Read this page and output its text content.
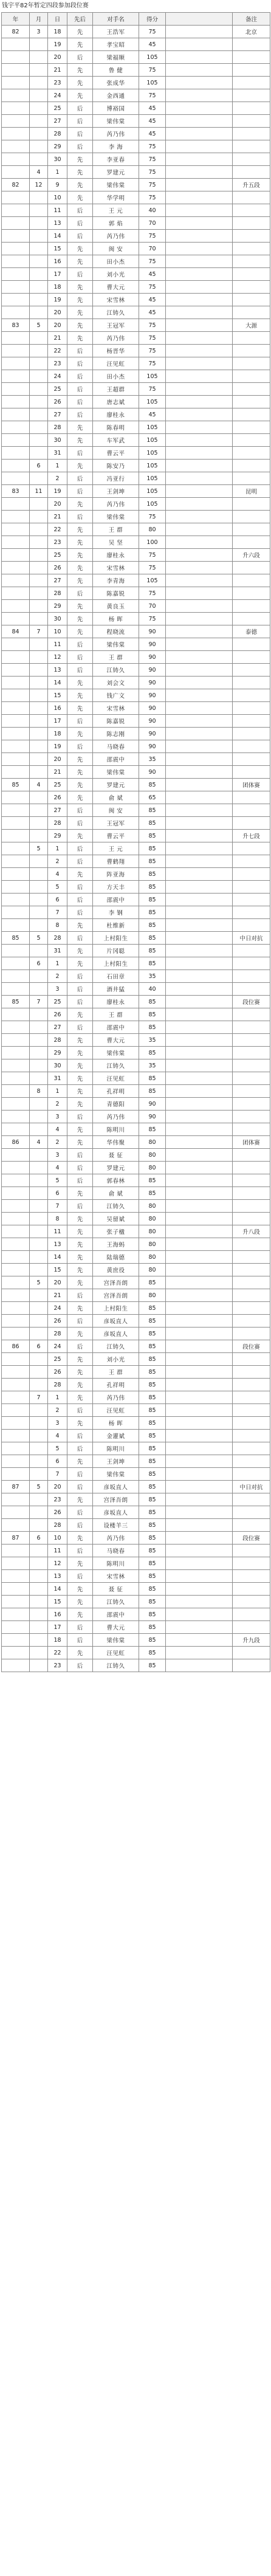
钱宇平82年暂定四段参加段位赛
年	月	日	先后	对手名	得分		备注
82	3	18	先	王浩军	75		北京
		19	先	孝宝昭	45		
		20	后	梁福顺	105		
		21	先	鲁 健	75		
		23	先	张成华	105		
		24	先	金西通	75		
		25	后	博裕国	45		
		27	后	梁伟棠	45		
		28	后	芮乃伟	45		
		29	后	李 海	75		
		30	先	李亚春	75		
	4	1	先	罗建元	75		
82	12	9	先	梁伟棠	75		升五段
		10	先	华学明	75		
		11	后	王 元	40		
		13	后	郭 焰	70		
		14	后	芮乃伟	75		
		15	先	闽 安	70		
		16	先	田小杰	75		
		17	后	刘小光	45		
		18	先	曹大元	75		
		19	先	宋雪林	45		
		20	先	江铸久	45		
83	5	20	先	王冠军	75		大源
		21	先	芮乃伟	75		
		22	后	杨晋华	75		
		23	后	汪见虹	75		
		24	后	田小杰	105		
		25	后	王超群	75		
		26	后	唐志斌	105		
		27	后	廖桂永	45		
		28	先	陈春明	105		
		30	先	车军武	105		
		31	后	曹云平	105		
	6	1	先	陈安乃	105		
		2	后	冯亚行	105		
83	11	19	后	王剑坤	105		昆明
		20	先	芮乃伟	105		
		21	后	梁伟棠	75		
		22	先	王 群	80		
		23	先	吴 坚	100		
		25	先	廖桂永	75		升六段
		26	先	宋雪林	75		
		27	先	李青海	105		
		28	后	陈嘉锐	75		
		29	先	黄良玉	70		
		30	先	杨 晖	75		
84	7	10	先	程晓流	90		泰德
		11	后	梁伟棠	90		
		12	后	王 群	90		
		13	后	江铸久	90		
		14	先	刘会文	90		
		15	先	钱广文	90		
		16	先	宋雪林	90		
		17	后	陈嘉锐	90		
		18	先	陈志刚	90		
		19	后	马晓春	90		
		20	先	邵震中	35		
		21	先	梁伟棠	90		
85	4	25	先	罗建元	85		团体赛
		26	先	俞 斌	65		
		27	后	闽 安	85		
		28	后	王冠军	85		
		29	先	曹云平	85		升七段
	5	1	后	王 元	85		
		2	后	曹鹤翔	85		
		4	先	阵亚海	85		
		5	后	方天丰	85		
		6	后	邵震中	85		
		7	后	李 钢	85		
		8	先	杜维新	85		
85	5	28	后	上村阳生	85		中日对抗
		31	先	片冈聪	85		
	6	1	先	上村阳生	85		
		2	后	石田章	35		
		3	后	酒井猛	40		
85	7	25	后	廖桂永	85		段位赛
		26	先	王 群	85		
		27	后	邵震中	85		
		28	先	曹大元	35		
		29	先	梁伟棠	85		
		30	先	江铸久	35		
		31	先	汪见虹	85		
	8	1	先	孔祥明	85		
		2	先	青德阳	90		
		3	后	芮乃伟	90		
		4	先	陈明川	85		
86	4	2	先	华伟聚	80		团体赛
		3	后	聂 征	80		
		4	后	罗建元	80		
		5	后	郭春林	85		
		6	先	俞 斌	85		
		7	后	江铸久	80		
		8	先	吴留斌	80		
		11	先	张子楹	80		升八段
		13	先	王海蚂	80		
		14	先	陆瑞德	80		
		15	先	黄庶役	80		
	5	20	先	宫泽吾朗	85		
		21	后	宫泽吾朗	80		
		24	先	上村阳生	85		
		26	后	彦坂直人	85		
		28	先	彦坂直人	85		
86	6	24	后	江铸久	85		段位赛
		25	先	刘小光	85		
		26	先	王 群	85		
		28	先	孔祥明	85		
	7	1	先	芮乃伟	85		
		2	后	汪见虹	85		
		3	先	杨 晖	85		
		4	后	金灌斌	85		
		5	后	陈明川	85		
		6	先	王剑坤	85		
		7	后	梁伟棠	85		
87	5	20	后	彦坂直人	85		中日对抗
		23	先	宫泽吾朗	85		
		26	后	彦坂直人	85		
		28	后	设楼羊三	85		
87	6	10	先	芮乃伟	85		段位赛
		11	后	马晓春	85		
		12	先	陈明川	85		
		13	后	宋雪林	85		
		14	先	聂 征	85		
		15	先	江铸久	85		
		16	先	邵震中	85		
		17	后	曹大元	85		
		18	后	梁伟棠	85		升九段
		22	先	汪见虹	85		
		23	后	江铸久	85		
